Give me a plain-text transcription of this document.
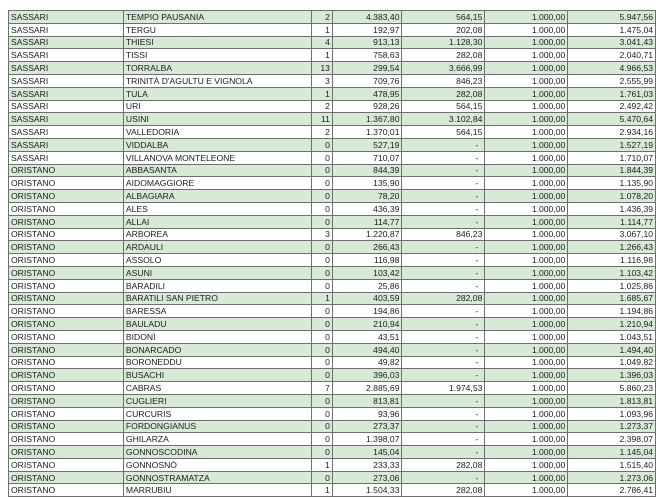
SASSARI	TEMPIO PAUSANIA	2	4.383,40	564,15	1.000,00	5.947,56
SASSARI	TERGU	1	192,97	202,08	1.000,00	1.475,04
SASSARI	THIESI	4	913,13	1.128,30	1.000,00	3.041,43
SASSARI	TISSI	1	758,63	282,08	1.000,00	2.040,71
SASSARI	TORRALBA	13	299,54	3.666,99	1.000,00	4.966,53
SASSARI	TRINITÀ D'AGULTU E VIGNOLA	3	709,76	846,23	1.000,00	2.555,99
SASSARI	TULA	1	478,95	282,08	1.000,00	1.761,03
SASSARI	URI	2	928,26	564,15	1.000,00	2.492,42
SASSARI	USINI	11	1.367,80	3.102,84	1.000,00	5.470,64
SASSARI	VALLEDORIA	2	1.370,01	564,15	1.000,00	2.934,16
SASSARI	VIDDALBA	0	527,19	-	1.000,00	1.527,19
SASSARI	VILLANOVA MONTELEONE	0	710,07	-	1.000,00	1.710,07
ORISTANO	ABBASANTA	0	844,39	-	1.000,00	1.844,39
ORISTANO	AIDOMAGGIORE	0	135,90	-	1.000,00	1.135,90
ORISTANO	ALBAGIARA	0	78,20	-	1.000,00	1.078,20
ORISTANO	ALES	0	436,39	-	1.000,00	1.436,39
ORISTANO	ALLAI	0	114,77	-	1.000,00	1.114,77
ORISTANO	ARBOREA	3	1.220,87	846,23	1.000,00	3.067,10
ORISTANO	ARDAULI	0	266,43	-	1.000,00	1.266,43
ORISTANO	ASSOLO	0	116,98	-	1.000,00	1.116,98
ORISTANO	ASUNI	0	103,42	-	1.000,00	1.103,42
ORISTANO	BARADILI	0	25,86	-	1.000,00	1.025,86
ORISTANO	BARATILI SAN PIETRO	1	403,59	282,08	1.000,00	1.685,67
ORISTANO	BARESSA	0	194,86	-	1.000,00	1.194,86
ORISTANO	BAULADU	0	210,94	-	1.000,00	1.210,94
ORISTANO	BIDONÌ	0	43,51	-	1.000,00	1.043,51
ORISTANO	BONARCADO	0	494,40	-	1.000,00	1.494,40
ORISTANO	BORONEDDU	0	49,82	-	1.000,00	1.049,82
ORISTANO	BUSACHI	0	396,03	-	1.000,00	1.396,03
ORISTANO	CABRAS	7	2.885,69	1.974,53	1.000,00	5.860,23
ORISTANO	CUGLIERI	0	813,81	-	1.000,00	1.813,81
ORISTANO	CURCURIS	0	93,96	-	1.000,00	1.093,96
ORISTANO	FORDONGIANUS	0	273,37	-	1.000,00	1.273,37
ORISTANO	GHILARZA	0	1.398,07	-	1.000,00	2.398,07
ORISTANO	GONNOSCODINA	0	145,04	-	1.000,00	1.145,04
ORISTANO	GONNOSNÒ	1	233,33	282,08	1.000,00	1.515,40
ORISTANO	GONNOSTRAMATZA	0	273,06	-	1.000,00	1.273,06
ORISTANO	MARRUBIU	1	1.504,33	282,08	1.000,00	2.786,41
